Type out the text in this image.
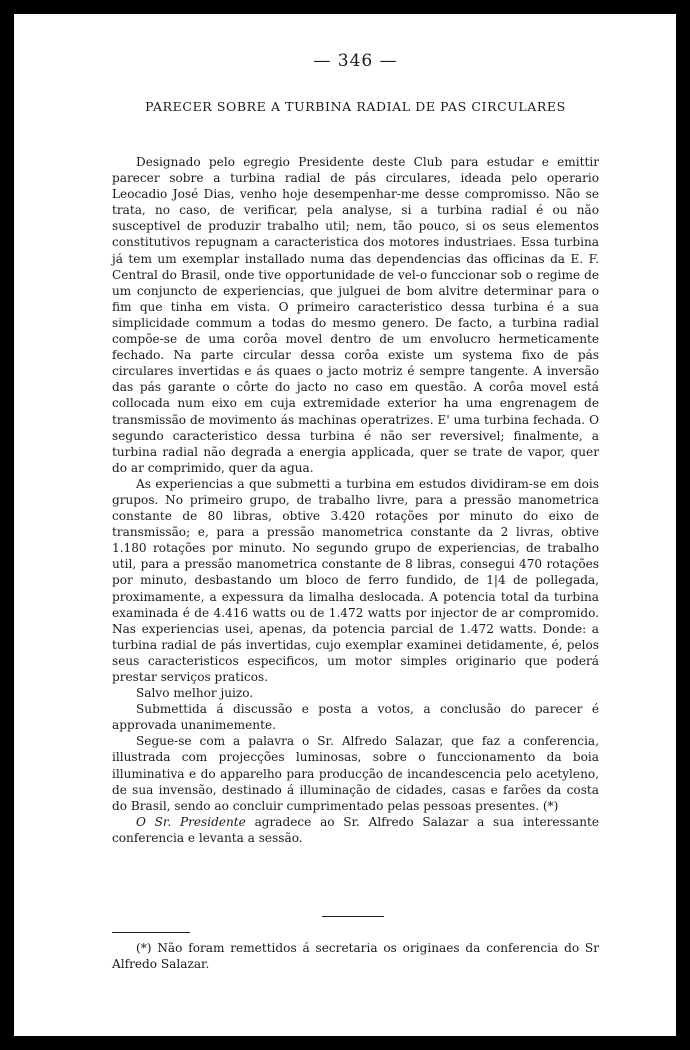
— 346 —

PARECER SOBRE A TURBINA RADIAL DE PAS CIRCULARES

Designado pelo egregio Presidente deste Club para estudar e emittir parecer sobre a turbina radial de pás circulares, ideada pelo operario Leocadio José Dias, venho hoje desempenhar-me desse compromisso. Não se trata, no caso, de verificar, pela analyse, si a turbina radial é ou não susceptivel de produzir trabalho util; nem, tão pouco, si os seus elementos constitutivos repugnam a caracteristica dos motores industriaes. Essa turbina já tem um exemplar installado numa das dependencias das officinas da E. F. Central do Brasil, onde tive opportunidade de vel-o funccionar sob o regime de um conjuncto de experiencias, que julguei de bom alvitre determinar para o fim que tinha em vista. O primeiro caracteristico dessa turbina é a sua simplicidade commum a todas do mesmo genero. De facto, a turbina radial compõe-se de uma corôa movel dentro de um envolucro hermeticamente fechado. Na parte circular dessa corôa existe um systema fixo de pás circulares invertidas e ás quaes o jacto motriz é sempre tangente. A inversão das pás garante o côrte do jacto no caso em questão. A corôa movel está collocada num eixo em cuja extremidade exterior ha uma engrenagem de transmissão de movimento ás machinas operatrizes. E' uma turbina fechada. O segundo caracteristico dessa turbina é não ser reversivel; finalmente, a turbina radial não degrada a energia applicada, quer se trate de vapor, quer do ar comprimido, quer da agua.

As experiencias a que submetti a turbina em estudos dividiram-se em dois grupos. No primeiro grupo, de trabalho livre, para a pressão manometrica constante de 80 libras, obtive 3.420 rotações por minuto do eixo de transmissão; e, para a pressão manometrica constante da 2 livras, obtive 1.180 rotações por minuto. No segundo grupo de experiencias, de trabalho util, para a pressão manometrica constante de 8 libras, consegui 470 rotações por minuto, desbastando um bloco de ferro fundido, de 1|4 de pollegada, proximamente, a expessura da limalha deslocada. A potencia total da turbina examinada é de 4.416 watts ou de 1.472 watts por injector de ar compromido. Nas experiencias usei, apenas, da potencia parcial de 1.472 watts. Donde: a turbina radial de pás invertidas, cujo exemplar examinei detidamente, é, pelos seus caracteristicos especificos, um motor simples originario que poderá prestar serviços praticos.

Salvo melhor juizo.

Submettida á discussão e posta a votos, a conclusão do parecer é approvada unanimemente.

Segue-se com a palavra o Sr. Alfredo Salazar, que faz a conferencia, illustrada com projecções luminosas, sobre o funccionamento da boia illuminativa e do apparelho para producção de incandescencia pelo acetyleno, de sua invensão, destinado á illuminação de cidades, casas e farões da costa do Brasil, sendo ao concluir cumprimentado pelas pessoas presentes. (*)

O Sr. Presidente agradece ao Sr. Alfredo Salazar a sua interessante conferencia e levanta a sessão.

(*) Não foram remettidos á secretaria os originaes da conferencia do Sr Alfredo Salazar.
